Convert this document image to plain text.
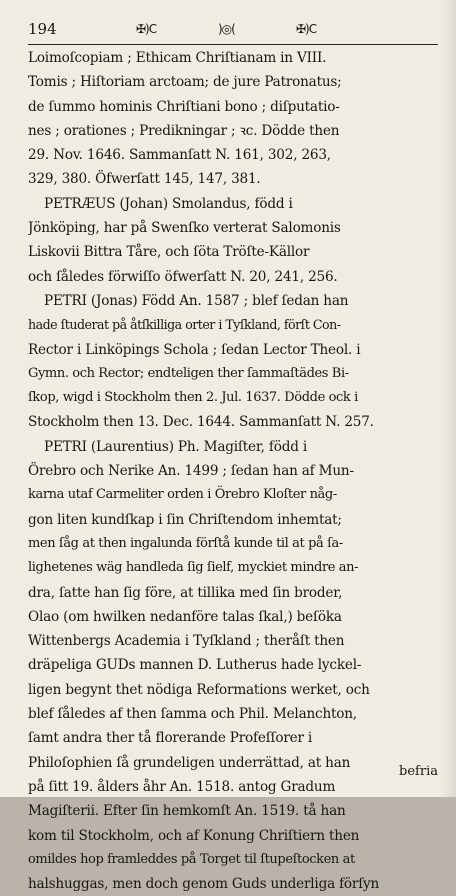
194	✠)C	)◎(	✠)C
Loimoſcopiam ; Ethicam Chriſtianam in VIII.
Tomis ; Hiſtoriam arctoam; de jure Patronatus;
de ſummo hominis Chriſtiani bono ; diſputatio-
nes ; orationes ; Predikningar ; ꝛc. Dödde then
29. Nov. 1646. Sammanſatt N. 161, 302, 263,
329, 380. Öfwerſatt 145, 147, 381.
PETRÆUS (Johan) Smolandus, född i
Jönköping, har på Swenſko verterat Salomonis
Liskovii Bittra Tåre, och ſöta Tröſte-Källor
och ſåledes förwiſſo öfwerſatt N. 20, 241, 256.
PETRI (Jonas) Född An. 1587 ; blef ſedan han
hade ſtuderat på åtſkilliga orter i Tyſkland, förſt Con-
Rector i Linköpings Schola ; ſedan Lector Theol. i
Gymn. och Rector; endteligen ther ſammaſtädes Bi-
ſkop, wigd i Stockholm then 2. Jul. 1637. Dödde ock i
Stockholm then 13. Dec. 1644. Sammanſatt N. 257.
PETRI (Laurentius) Ph. Magiſter, född i
Örebro och Nerike An. 1499 ; ſedan han af Mun-
karna utaf Carmeliter orden i Örebro Kloſter någ-
gon liten kundſkap i ſin Chriſtendom inhemtat;
men ſåg at then ingalunda förſtå kunde til at på ſa-
lighetenes wäg handleda ſig ſielf, myckiet mindre an-
dra, ſatte han ſig före, at tillika med ſin broder,
Olao (om hwilken nedanföre talas ſkal,) beſöka
Wittenbergs Academia i Tyſkland ; theråſt then
dräpeliga GUDs mannen D. Lutherus hade lyckel-
ligen begynt thet nödiga Reformations werket, och
blef ſåledes af then ſamma och Phil. Melanchton,
ſamt andra ther tå florerande Profeſſorer i
Philoſophien ſå grundeligen underrättad, at han
på ſitt 19. ålders åhr An. 1518. antog Gradum
Magiſterii. Efter ſin hemkomſt An. 1519. tå han
kom til Stockholm, och af Konung Chriſtiern then
omildes hop framleddes på Torget til ſtupeſtocken at
halshuggas, men doch genom Guds underliga förſyn
befria
